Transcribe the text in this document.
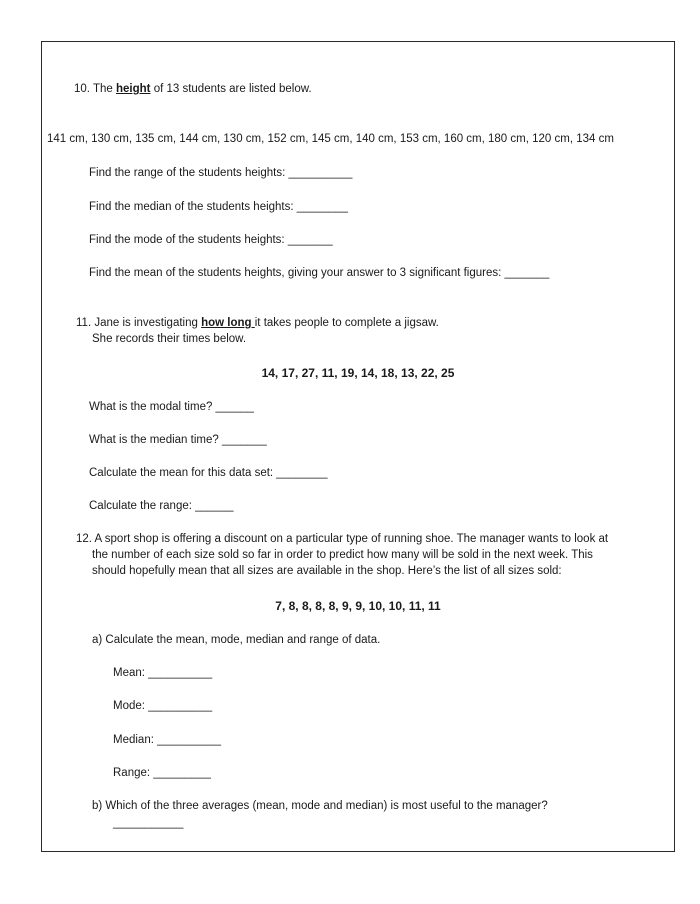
10. The height of 13 students are listed below.
141 cm, 130 cm, 135 cm, 144 cm, 130 cm, 152 cm, 145 cm, 140 cm, 153 cm, 160 cm, 180 cm, 120 cm, 134 cm
Find the range of the students heights: __________
Find the median of the students heights: ________
Find the mode of the students heights: _______
Find the mean of the students heights, giving your answer to 3 significant figures: _______
11. Jane is investigating how long it takes people to complete a jigsaw.
She records their times below.
14, 17, 27, 11, 19, 14, 18, 13, 22, 25
What is the modal time? ______
What is the median time? _______
Calculate the mean for this data set: ________
Calculate the range: ______
12. A sport shop is offering a discount on a particular type of running shoe. The manager wants to look at
the number of each size sold so far in order to predict how many will be sold in the next week. This
should hopefully mean that all sizes are available in the shop. Here’s the list of all sizes sold:
7, 8, 8, 8, 8, 9, 9, 10, 10, 11, 11
a) Calculate the mean, mode, median and range of data.
Mean: __________
Mode: __________
Median: __________
Range: _________
b) Which of the three averages (mean, mode and median) is most useful to the manager?
___________
